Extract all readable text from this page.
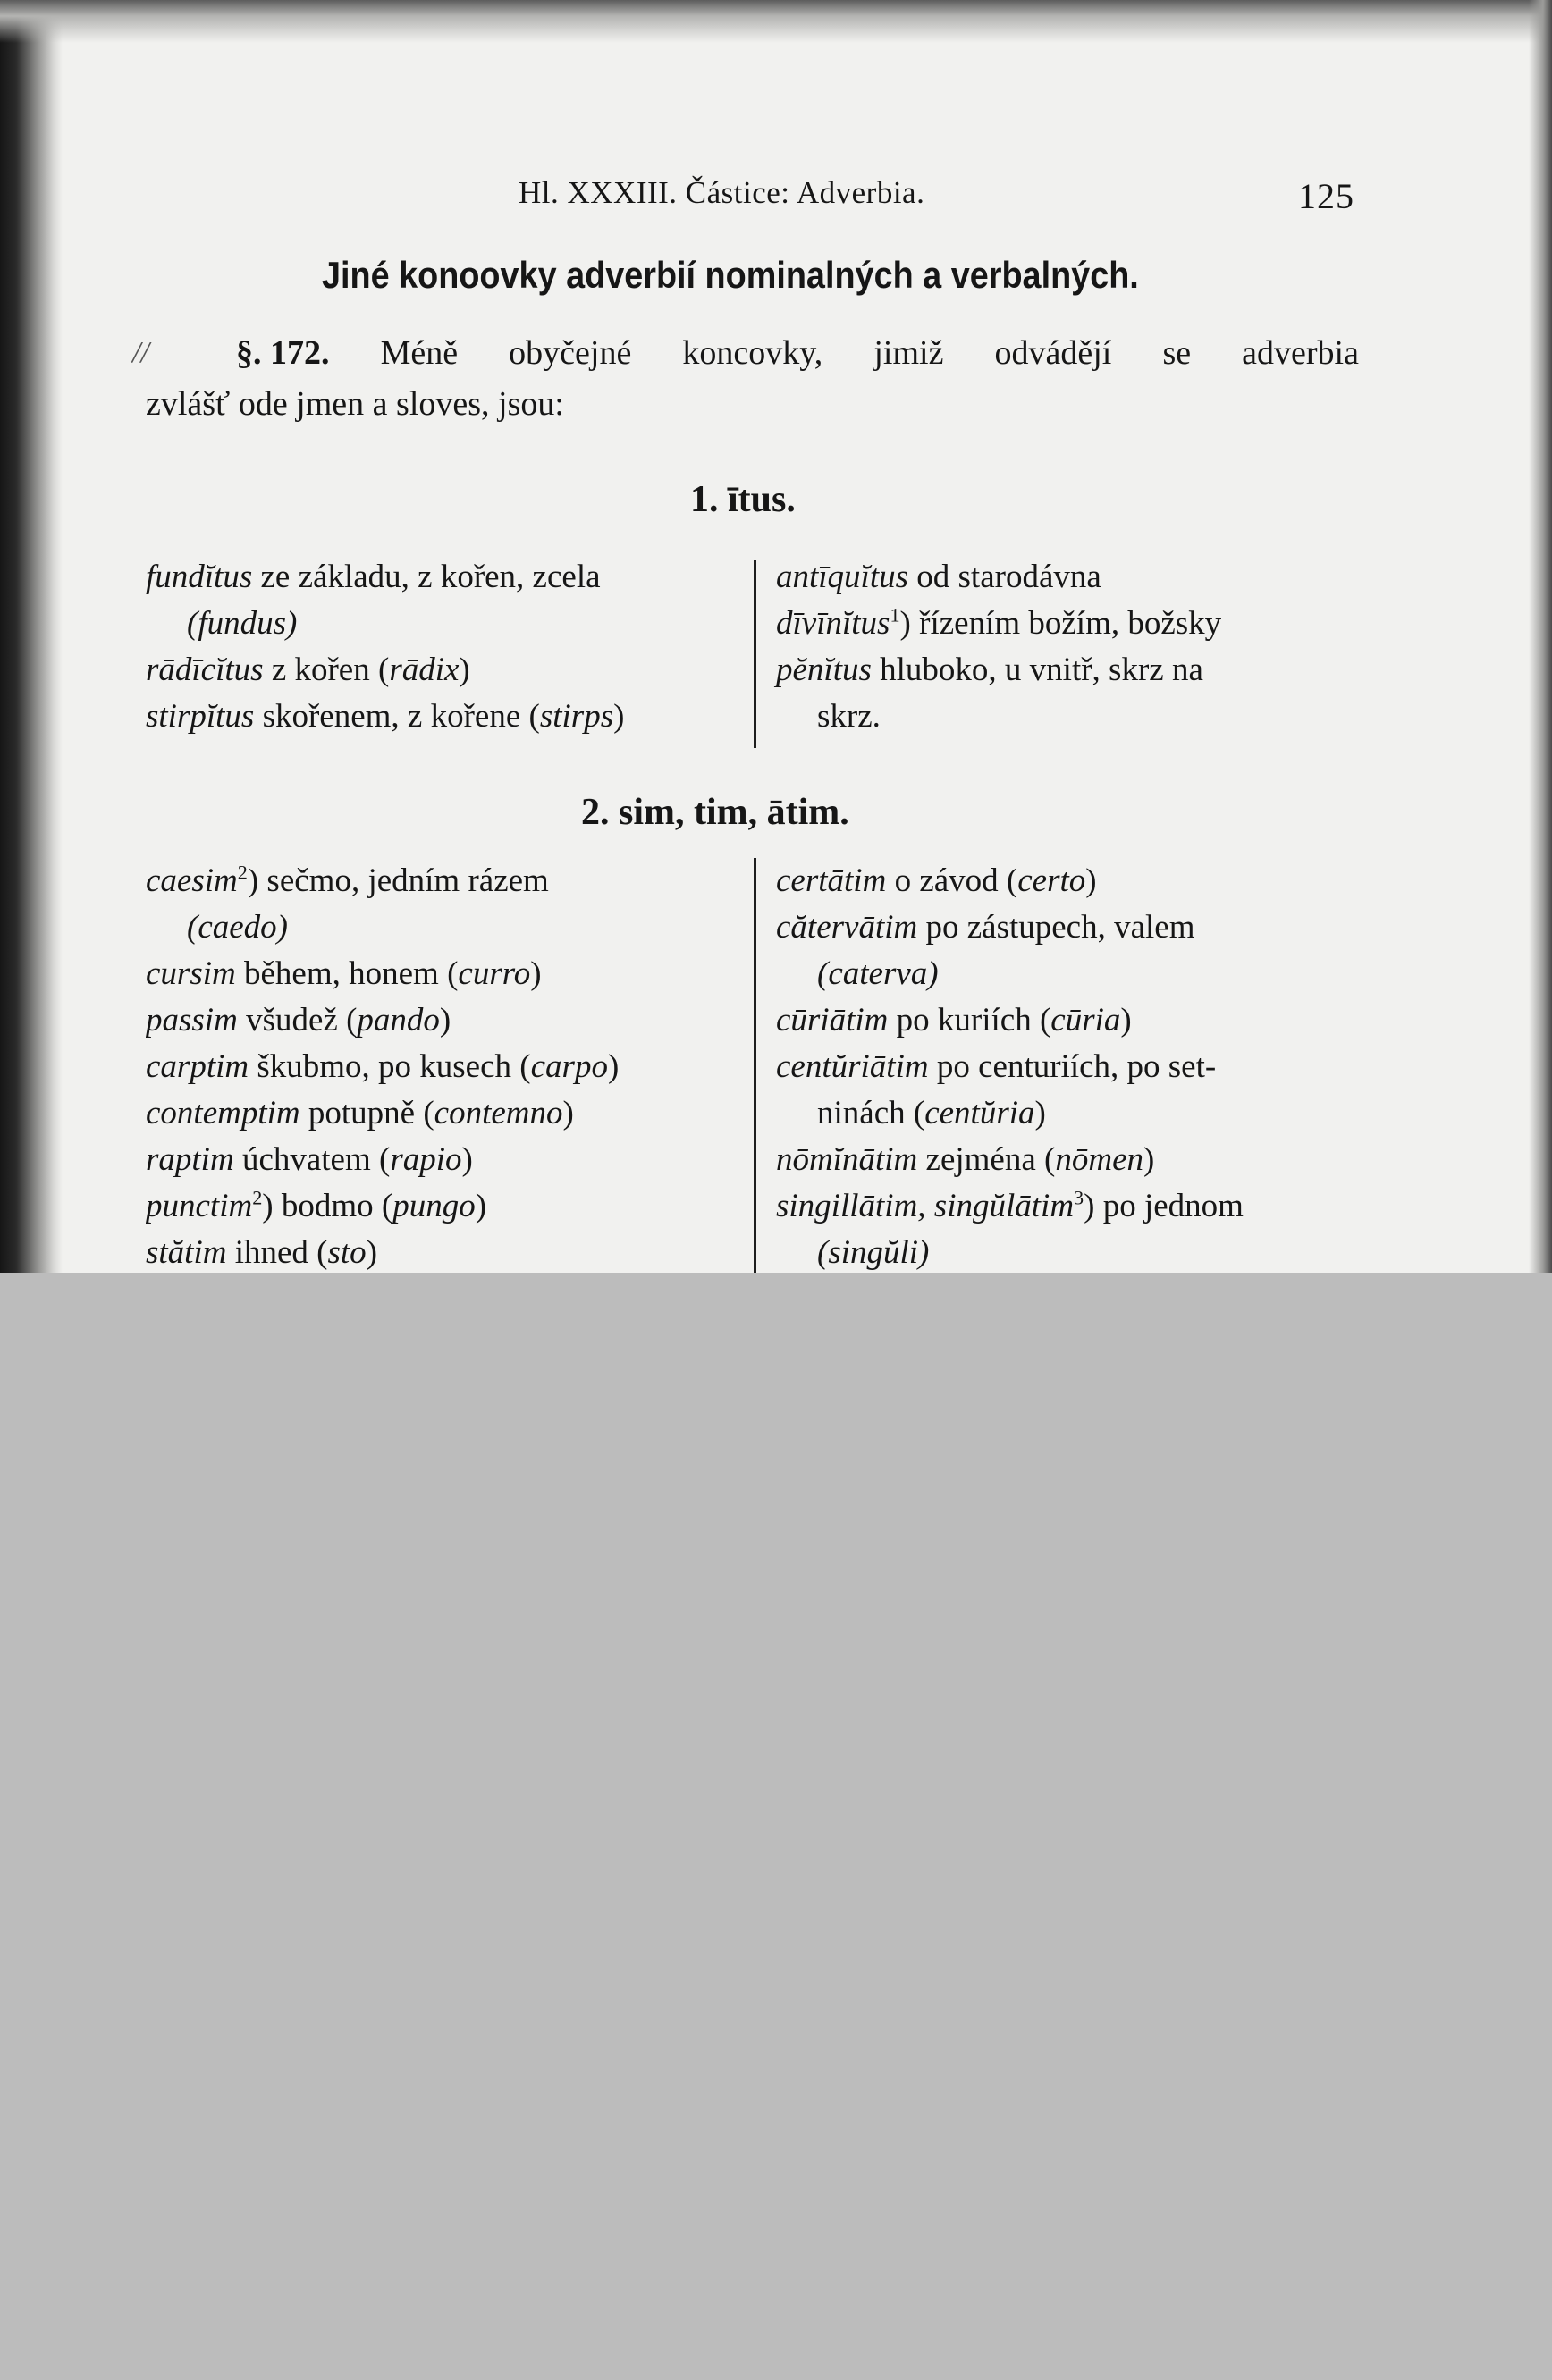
//
Hl. XXXIII. Částice: Adverbia.	125
Jiné konoovky adverbií nominalných a verbalných.
§. 172. Méně obyčejné koncovky, jimiž odvádějí se adverbia
zvlášť ode jmen a sloves, jsou:
1. ītus.
fundĭtus ze základu, z kořen, zcela
(fundus)
rādīcĭtus z kořen (rādix)
stirpĭtus skořenem, z kořene (stirps)
antīquĭtus od starodávna
dīvīnĭtus$^1$) řízením božím, božsky
pĕnĭtus hluboko, u vnitř, skrz na
skrz.
2. sim, tim, ātim.
caesim$^2$) sečmo, jedním rázem
(caedo)
cursim během, honem (curro)
passim všudež (pando)
carptim škubmo, po kusech (carpo)
contemptim potupně (contemno)
raptim úchvatem (rapio)
punctim$^2$) bodmo (pungo)
stătim ihned (sto)
certātim o závod (certo)
cătervātim po zástupech, valem
(caterva)
cūriātim po kuriích (cūria)
centŭriātim po centuriích, po set-
ninách (centŭria)
nōmĭnātim zejména (nōmen)
singillātim, singŭlātim$^3$) po jednom
(singŭli)
